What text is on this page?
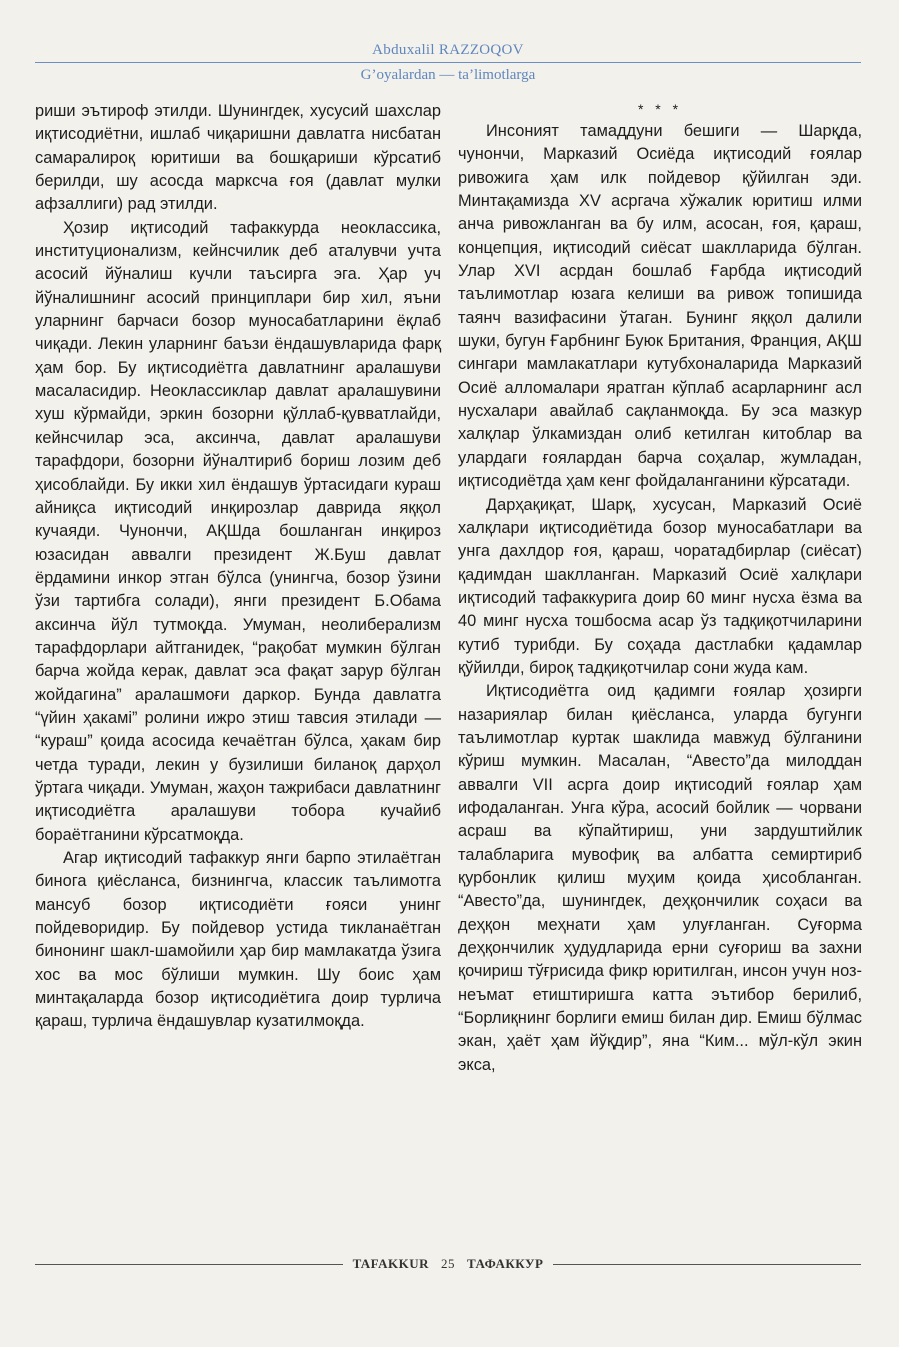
Abduxalil RAZZOQOV
G’oyalardan — ta’limotlarga

риши эътироф этилди. Шунингдек, хусусий шахслар иқтисодиётни, ишлаб чиқаришни давлатга нисбатан самаралироқ юритиши ва бошқариши кўрсатиб берилди, шу асосда марксча ғоя (давлат мулки афзаллиги) рад этилди.

Ҳозир иқтисодий тафаккурда неоклассика, институционализм, кейнсчилик деб аталувчи учта асосий йўналиш кучли таъсирга эга. Ҳар уч йўналишнинг асосий принциплари бир хил, яъни уларнинг барчаси бозор муносабатларини ёқлаб чиқади. Лекин уларнинг баъзи ёндашувларида фарқ ҳам бор. Бу иқтисодиётга давлатнинг аралашуви масаласидир. Неоклассиклар давлат аралашувини хуш кўрмайди, эркин бозорни қўллаб-қувватлайди, кейнсчилар эса, аксинча, давлат аралашуви тарафдори, бозорни йўналтириб бориш лозим деб ҳисоблайди. Бу икки хил ёндашув ўртасидаги кураш айниқса иқтисодий инқирозлар даврида яққол кучаяди. Чунончи, АҚШда бошланган инқироз юзасидан аввалги президент Ж.Буш давлат ёрдамини инкор этган бўлса (унингча, бозор ўзини ўзи тартибга солади), янги президент Б.Обама аксинча йўл тутмоқда. Умуман, неолиберализм тарафдорлари айтганидек, “рақобат мумкин бўлган барча жойда керак, давлат эса фақат зарур бўлган жойдагина” аралашмоғи даркор. Бунда давлатга “үйин ҳакамі” ролини ижро этиш тавсия этилади — “кураш” қоида асосида кечаётган бўлса, ҳакам бир четда туради, лекин у бузилиши биланоқ дарҳол ўртага чиқади. Умуман, жаҳон тажрибаси давлатнинг иқтисодиётга аралашуви тобора кучайиб бораётганини кўрсатмоқда.

Агар иқтисодий тафаккур янги барпо этилаётган бинога қиёсланса, бизнингча, классик таълимотга мансуб бозор иқтисодиёти ғояси унинг пойдеворидир. Бу пойдевор устида тикланаётган бинонинг шакл-шамойили ҳар бир мамлакатда ўзига хос ва мос бўлиши мумкин. Шу боис ҳам минтақаларда бозор иқтисодиётига доир турлича қараш, турлича ёндашувлар кузатилмоқда.

* * *

Инсоният тамаддуни бешиги — Шарқда, чунончи, Марказий Осиёда иқтисодий ғоялар ривожига ҳам илк пойдевор қўйилган эди. Минтақамизда XV асргача хўжалик юритиш илми анча ривожланган ва бу илм, асосан, ғоя, қараш, концепция, иқтисодий сиёсат шаклларида бўлган. Улар XVI асрдан бошлаб Ғарбда иқтисодий таълимотлар юзага келиши ва ривож топишида таянч вазифасини ўтаган. Бунинг яққол далили шуки, бугун Ғарбнинг Буюк Британия, Франция, АҚШ сингари мамлакатлари кутубхоналарида Марказий Осиё алломалари яратган кўплаб асарларнинг асл нусхалари авайлаб сақланмоқда. Бу эса мазкур халқлар ўлкамиздан олиб кетилган китоблар ва улардаги ғоялардан барча соҳалар, жумладан, иқтисодиётда ҳам кенг фойдаланганини кўрсатади.

Дарҳақиқат, Шарқ, хусусан, Марказий Осиё халқлари иқтисодиётида бозор муносабатлари ва унга дахлдор ғоя, қараш, чоратадбирлар (сиёсат) қадимдан шаклланган. Марказий Осиё халқлари иқтисодий тафаккурига доир 60 минг нусха ёзма ва 40 минг нусха тошбосма асар ўз тадқиқотчиларини кутиб турибди. Бу соҳада дастлабки қадамлар қўйилди, бироқ тадқиқотчилар сони жуда кам.

Иқтисодиётга оид қадимги ғоялар ҳозирги назариялар билан қиёсланса, уларда бугунги таълимотлар куртак шаклида мавжуд бўлганини кўриш мумкин. Масалан, “Авесто”да милоддан аввалги VII асрга доир иқтисодий ғоялар ҳам ифодаланган. Унга кўра, асосий бойлик — чорвани асраш ва кўпайтириш, уни зардуштийлик талабларига мувофиқ ва албатта семиртириб қурбонлик қилиш муҳим қоида ҳисобланган. “Авесто”да, шунингдек, деҳқончилик соҳаси ва деҳқон меҳнати ҳам улуғланган. Суғорма деҳқончилик ҳудудларида ерни суғориш ва захни қочириш тўғрисида фикр юритилган, инсон учун ноз-неъмат етиштиришга катта эътибор берилиб, “Борлиқнинг борлиги емиш билан дир. Емиш бўлмас экан, ҳаёт ҳам йўқдир”, яна “Ким... мўл-кўл экин экса,

TAFAKKUR 25 ТАФАККУР
